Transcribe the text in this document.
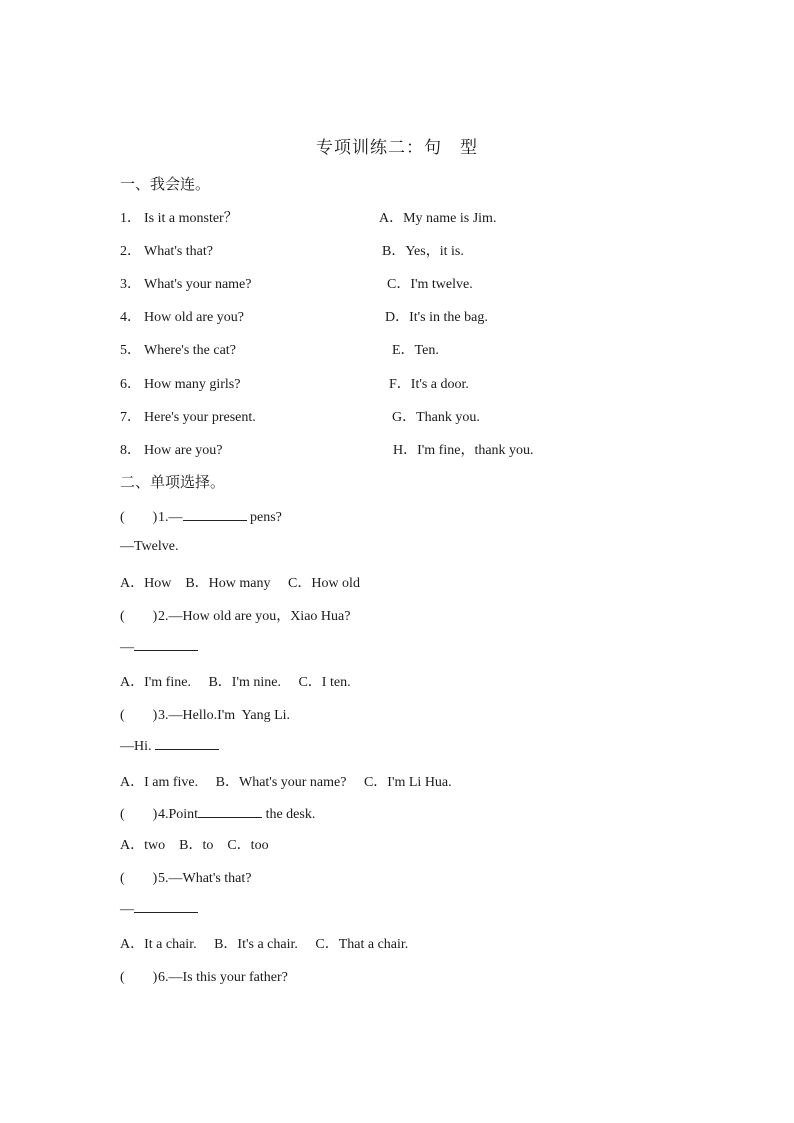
专项训练二：句　型
一、我会连。
1． Is it a monster？
2． What's that?
3． What's your name?
4． How old are you?
5． Where's the cat?
6． How many girls?
7． Here's your present.
8． How are you?
A．My name is Jim.
B．Yes，it is.
C．I'm twelve.
D．It's in the bag.
E．Ten.
F．It's a door.
G．Thank you.
H．I'm fine，thank you.
二、单项选择。
(　　)1.—	pens?
—Twelve.
A．How　B．How many　 C．How old
(　　)2.—How old are you，Xiao Hua?
—
A．I'm fine.　 B．I'm nine.　 C．I ten.
(　　)3.—Hello.I'm  Yang Li.
—Hi.
A．I am five.　 B．What's your name?　 C．I'm Li Hua.
(　　)4.Point	the desk.
A．two　B．to　C．too
(　　)5.—What's that?
—
A．It a chair.　 B．It's a chair.　 C．That a chair.
(　　)6.—Is this your father?
